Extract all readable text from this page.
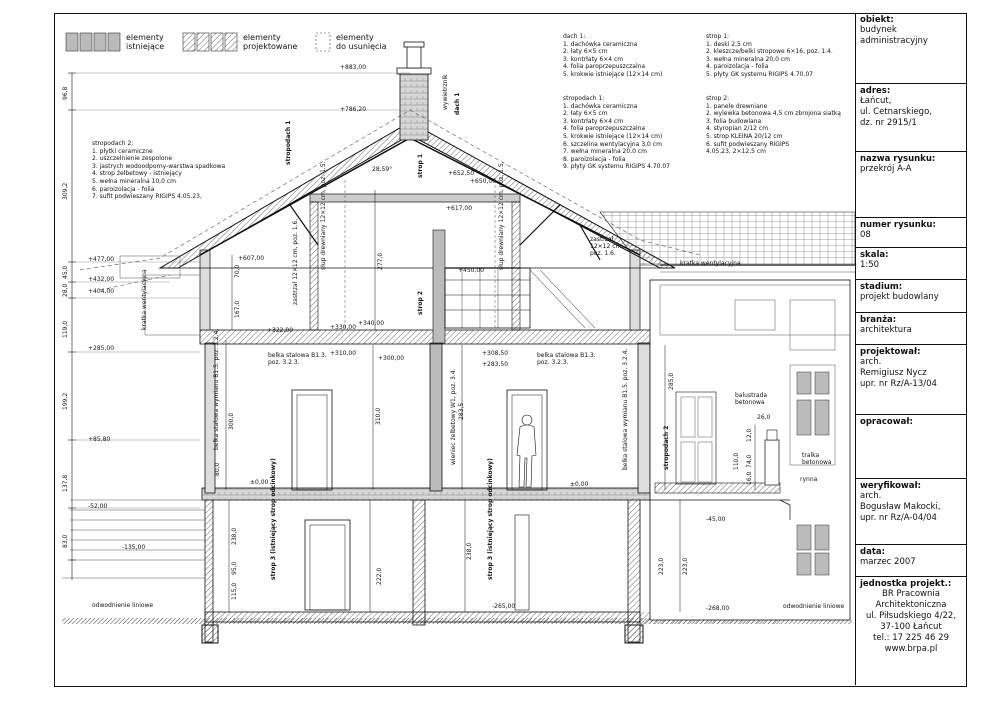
elementy
istniejące
elementy
projektowane
elementy
do usunięcia
dach 1:
1. dachówka ceramiczna
2. łaty 6×5 cm
3. kontrłaty 6×4 cm
4. folia paroprzepuszczalna
5. krokwie istniejące (12×14 cm)
strop 1:
1. deski 2,5 cm
2. kleszcze/belki stropowe 6×16, poz. 1.4.
3. wełna mineralna 20,0 cm
4. paroizolacja - folia
5. płyty GK systemu RIGIPS 4.70.07
stropodach 1:
1. dachówka ceramiczna
2. łaty 6×5 cm
3. kontrłaty 6×4 cm
4. folia paroprzepuszczalna
5. krokwie istniejące (12×14 cm)
6. szczelina wentylacyjna 3,0 cm
7. wełna mineralna 20,0 cm
8. paroizolacja - folia
9. płyty GK systemu RIGIPS 4.70.07
strop 2:
1. panele drewniane
2. wylewka betonowa 4,5 cm zbrojona siatką
3. folia budowlana
4. styropian 2/12 cm
5. strop KLEINA 20/12 cm
6. sufit podwieszany RIGIPS
4.05.23, 2×12,5 cm
stropodach 2:
1. płytki ceramiczne
2. uszczelnienie zespolone
3. jastrych wodoodporny-warstwa spadkowa
4. strop żelbetowy - istniejący
5. wełna mineralna 10,0 cm
6. paroizolacja - folia
7. sufit podwieszany RIGIPS 4.05.23,
+883,00
+786,20
+652,50
+650,00
+617,00
+607,00
+477,00
+450,00
+432,00
+404,00
+340,00
+330,00
+322,00
+310,00	+308,50
+300,00
+283,50
+285,00
+85,80
±0,00	±0,00
-45,00
-52,00
-135,00
-265,00	-268,00
96,8
309,2
45,0
28,0
119,0
199,2
137,8
83,0
wywietrznik dach 1
stropodach 1
strop 1
strop 2
stropodach 2
strop 3 (istniejący strop odcinkowy)	strop 3 (istniejący strop odcinkowy)
zastrzał 12×12 cm, poz. 1.6.	słup drewniany 12×12 cm, poz. 1.5.	słup drewniany 12×12 cm, poz. 1.5.
belka stalowa wymianu B1.5. poz. 3.2.4.	belka stalowa wymianu B1.5. poz. 3.2.4.
wieniec żelbetowy W1, poz. 3.4.
kratka wentylacyjna
28,59°
zastrzał
12×12 cm,
poz. 1.6.
belka stalowa B1.3.
poz. 3.2.3.
belka stalowa B1.3.
poz. 3.2.3.
kratka wentylacyjna
balustrada
betonowa
tralka
betonowa
rynna
odwodnienie liniowe	odwodnienie liniowe
70,0
167,0
277,0
310,0
300,0
283,5
285,0
238,0
238,0
222,0
223,0
223,0
95,0
115,0
80,0
26,0
110,0 74,0
12,0
16,0
obiekt:
budynek
administracyjny
adres:
Łańcut,
ul. Cetnarskiego,
dz. nr 2915/1
nazwa rysunku:
przekrój A-A
numer rysunku:
08
skala:
1:50
stadium:
projekt budowlany
branża:
architektura
projektował:
arch.
Remigiusz Nycz
upr. nr Rz/A-13/04
opracował:
weryfikował:
arch.
Bogusław Makocki,
upr. nr Rz/A-04/04
data:
marzec 2007
jednostka projekt.:
BR Pracownia
Architektoniczna
ul. Piłsudskiego 4/22,
37-100 Łańcut
tel.: 17 225 46 29
www.brpa.pl
